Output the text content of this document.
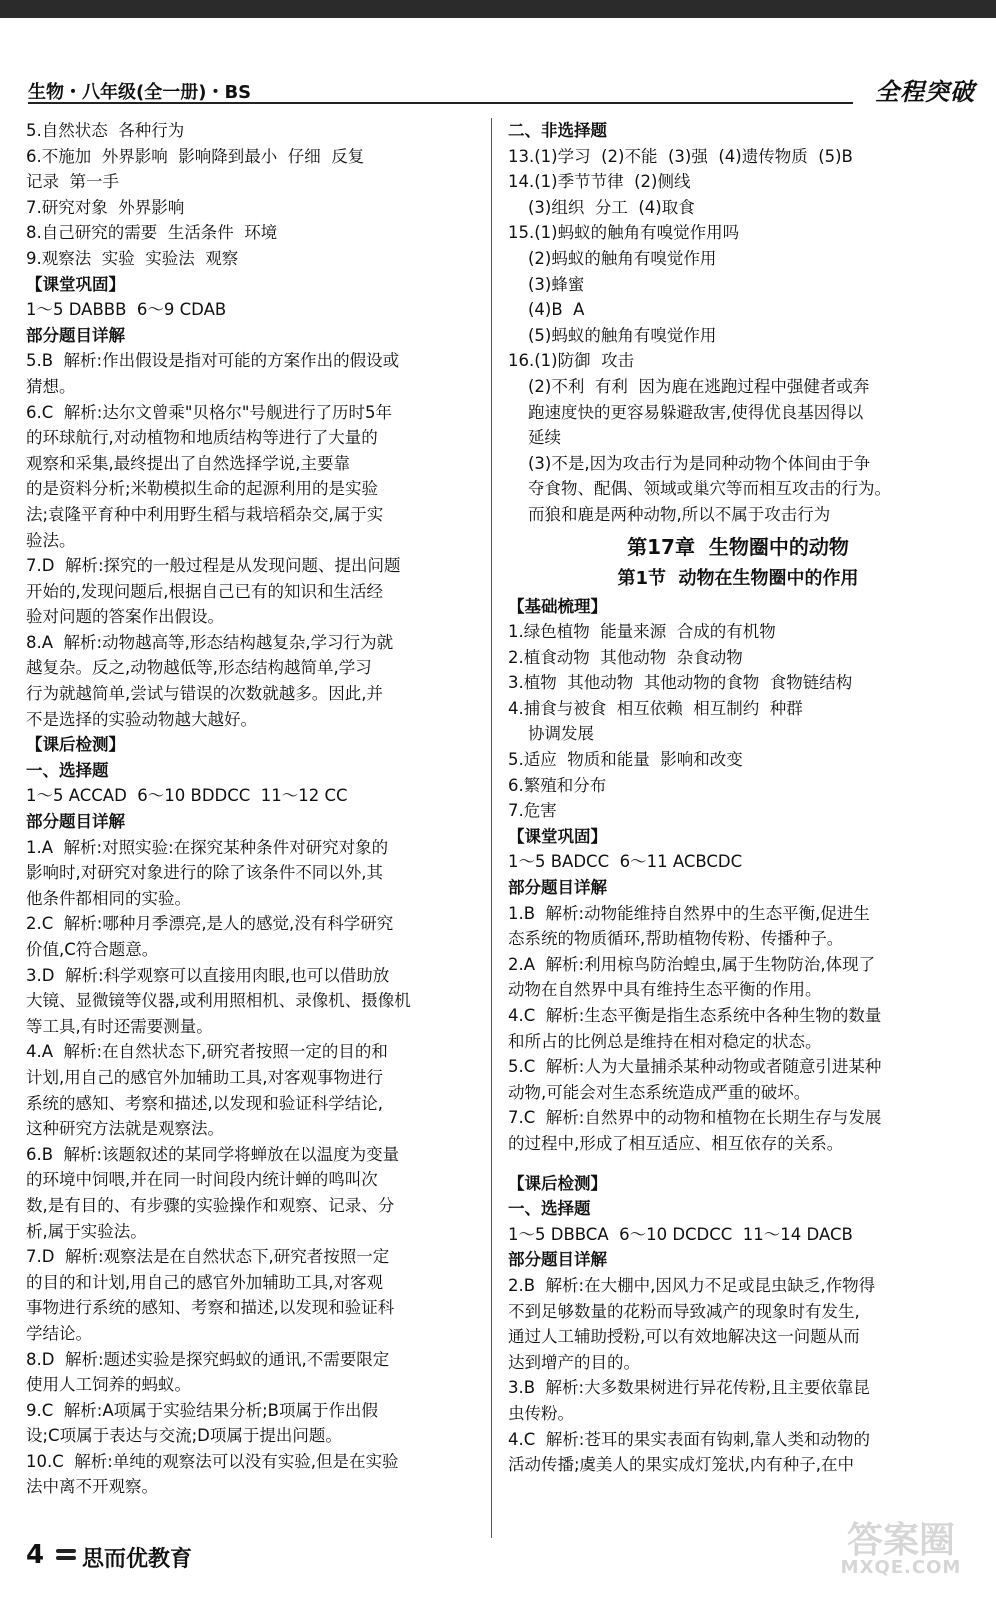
生物・八年级(全一册)・BS	全程突破
5.自然状态  各种行为
6.不施加  外界影响  影响降到最小  仔细  反复
记录  第一手
7.研究对象  外界影响
8.自己研究的需要  生活条件  环境
9.观察法  实验  实验法  观察
【课堂巩固】
1～5 DABBB  6～9 CDAB
部分题目详解
5.B  解析:作出假设是指对可能的方案作出的假设或
猜想。
6.C  解析:达尔文曾乘"贝格尔"号舰进行了历时5年
的环球航行,对动植物和地质结构等进行了大量的
观察和采集,最终提出了自然选择学说,主要靠
的是资料分析;米勒模拟生命的起源利用的是实验
法;袁隆平育种中利用野生稻与栽培稻杂交,属于实
验法。
7.D  解析:探究的一般过程是从发现问题、提出问题
开始的,发现问题后,根据自己已有的知识和生活经
验对问题的答案作出假设。
8.A  解析:动物越高等,形态结构越复杂,学习行为就
越复杂。反之,动物越低等,形态结构越简单,学习
行为就越简单,尝试与错误的次数就越多。因此,并
不是选择的实验动物越大越好。
【课后检测】
一、选择题
1～5 ACCAD  6～10 BDDCC  11～12 CC
部分题目详解
1.A  解析:对照实验:在探究某种条件对研究对象的
影响时,对研究对象进行的除了该条件不同以外,其
他条件都相同的实验。
2.C  解析:哪种月季漂亮,是人的感觉,没有科学研究
价值,C符合题意。
3.D  解析:科学观察可以直接用肉眼,也可以借助放
大镜、显微镜等仪器,或利用照相机、录像机、摄像机
等工具,有时还需要测量。
4.A  解析:在自然状态下,研究者按照一定的目的和
计划,用自己的感官外加辅助工具,对客观事物进行
系统的感知、考察和描述,以发现和验证科学结论,
这种研究方法就是观察法。
6.B  解析:该题叙述的某同学将蝉放在以温度为变量
的环境中饲喂,并在同一时间段内统计蝉的鸣叫次
数,是有目的、有步骤的实验操作和观察、记录、分
析,属于实验法。
7.D  解析:观察法是在自然状态下,研究者按照一定
的目的和计划,用自己的感官外加辅助工具,对客观
事物进行系统的感知、考察和描述,以发现和验证科
学结论。
8.D  解析:题述实验是探究蚂蚁的通讯,不需要限定
使用人工饲养的蚂蚁。
9.C  解析:A项属于实验结果分析;B项属于作出假
设;C项属于表达与交流;D项属于提出问题。
10.C  解析:单纯的观察法可以没有实验,但是在实验
法中离不开观察。
二、非选择题
13.(1)学习  (2)不能  (3)强  (4)遗传物质  (5)B
14.(1)季节节律  (2)侧线
(3)组织  分工  (4)取食
15.(1)蚂蚁的触角有嗅觉作用吗
(2)蚂蚁的触角有嗅觉作用
(3)蜂蜜
(4)B  A
(5)蚂蚁的触角有嗅觉作用
16.(1)防御  攻击
(2)不利  有利  因为鹿在逃跑过程中强健者或奔
跑速度快的更容易躲避敌害,使得优良基因得以
延续
(3)不是,因为攻击行为是同种动物个体间由于争
夺食物、配偶、领域或巢穴等而相互攻击的行为。
而狼和鹿是两种动物,所以不属于攻击行为
第17章  生物圈中的动物
第1节  动物在生物圈中的作用
【基础梳理】
1.绿色植物  能量来源  合成的有机物
2.植食动物  其他动物  杂食动物
3.植物  其他动物  其他动物的食物  食物链结构
4.捕食与被食  相互依赖  相互制约  种群
协调发展
5.适应  物质和能量  影响和改变
6.繁殖和分布
7.危害
【课堂巩固】
1～5 BADCC  6～11 ACBCDC
部分题目详解
1.B  解析:动物能维持自然界中的生态平衡,促进生
态系统的物质循环,帮助植物传粉、传播种子。
2.A  解析:利用椋鸟防治蝗虫,属于生物防治,体现了
动物在自然界中具有维持生态平衡的作用。
4.C  解析:生态平衡是指生态系统中各种生物的数量
和所占的比例总是维持在相对稳定的状态。
5.C  解析:人为大量捕杀某种动物或者随意引进某种
动物,可能会对生态系统造成严重的破坏。
7.C  解析:自然界中的动物和植物在长期生存与发展
的过程中,形成了相互适应、相互依存的关系。
【课后检测】
一、选择题
1～5 DBBCA  6～10 DCDCC  11～14 DACB
部分题目详解
2.B  解析:在大棚中,因风力不足或昆虫缺乏,作物得
不到足够数量的花粉而导致减产的现象时有发生,
通过人工辅助授粉,可以有效地解决这一问题从而
达到增产的目的。
3.B  解析:大多数果树进行异花传粉,且主要依靠昆
虫传粉。
4.C  解析:苍耳的果实表面有钩刺,靠人类和动物的
活动传播;虞美人的果实成灯笼状,内有种子,在中
4 思而优教育	答案圈
MXQE.COM
